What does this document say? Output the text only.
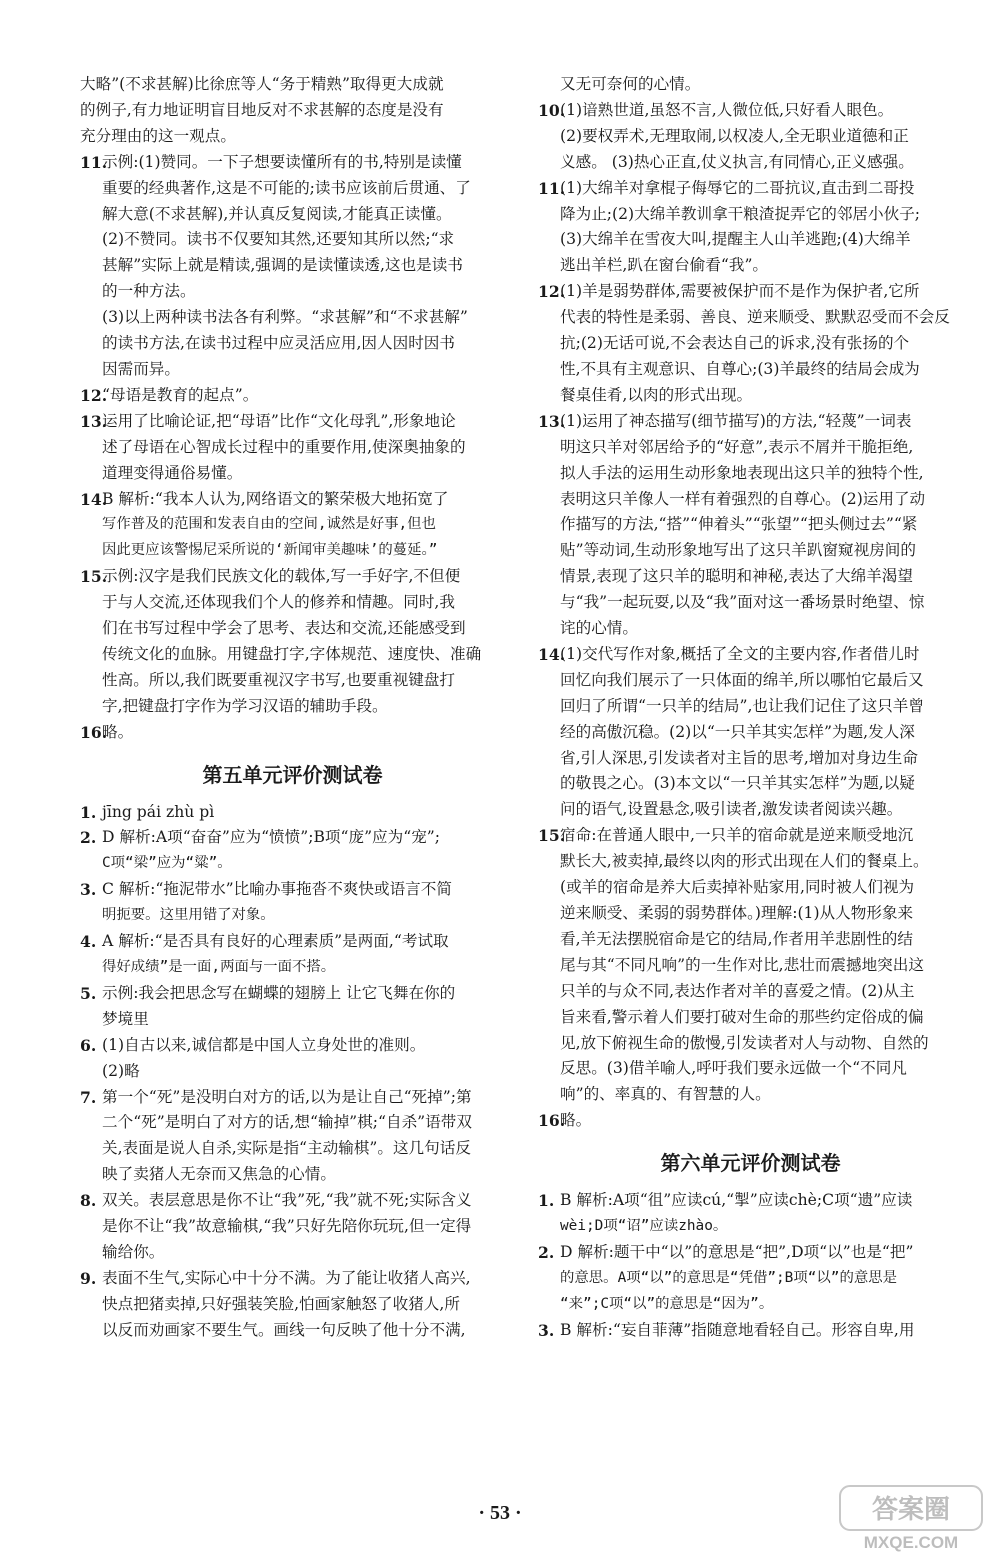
大略”(不求甚解)比徐庶等人“务于精熟”取得更大成就
的例子,有力地证明盲目地反对不求甚解的态度是没有
充分理由的这一观点。
11.
示例:(1)赞同。一下子想要读懂所有的书,特别是读懂
重要的经典著作,这是不可能的;读书应该前后贯通、了
解大意(不求甚解),并认真反复阅读,才能真正读懂。
(2)不赞同。读书不仅要知其然,还要知其所以然;“求
甚解”实际上就是精读,强调的是读懂读透,这也是读书
的一种方法。
(3)以上两种读书法各有利弊。“求甚解”和“不求甚解”
的读书方法,在读书过程中应灵活应用,因人因时因书
因需而异。
12.
“母语是教育的起点”。
13.
运用了比喻论证,把“母语”比作“文化母乳”,形象地论
述了母语在心智成长过程中的重要作用,使深奥抽象的
道理变得通俗易懂。
14.
B 解析:“我本人认为,网络语文的繁荣极大地拓宽了
写作普及的范围和发表自由的空间,诚然是好事,但也
因此更应该警惕尼采所说的‘新闻审美趣味’的蔓延。”
15.
示例:汉字是我们民族文化的载体,写一手好字,不但便
于与人交流,还体现我们个人的修养和情趣。同时,我
们在书写过程中学会了思考、表达和交流,还能感受到
传统文化的血脉。用键盘打字,字体规范、速度快、准确
性高。所以,我们既要重视汉字书写,也要重视键盘打
字,把键盘打字作为学习汉语的辅助手段。
16.
略。
第五单元评价测试卷
1. jīng pái zhù pì
2. D 解析:A项“奋奋”应为“愤愤”;B项“庞”应为“宠”;
C项“梁”应为“粱”。
3. C 解析:“拖泥带水”比喻办事拖沓不爽快或语言不简
明扼要。这里用错了对象。
4. A 解析:“是否具有良好的心理素质”是两面,“考试取
得好成绩”是一面,两面与一面不搭。
5. 示例:我会把思念写在蝴蝶的翅膀上 让它飞舞在你的
梦境里
6. (1)自古以来,诚信都是中国人立身处世的准则。
(2)略
7. 第一个“死”是没明白对方的话,以为是让自己“死掉”;第
二个“死”是明白了对方的话,想“输掉”棋;“自杀”语带双
关,表面是说人自杀,实际是指“主动输棋”。这几句话反
映了卖猪人无奈而又焦急的心情。
8. 双关。表层意思是你不让“我”死,“我”就不死;实际含义
是你不让“我”故意输棋,“我”只好先陪你玩玩,但一定得
输给你。
9. 表面不生气,实际心中十分不满。为了能让收猪人高兴,
快点把猪卖掉,只好强装笑脸,怕画家触怒了收猪人,所
以反而劝画家不要生气。画线一句反映了他十分不满,
又无可奈何的心情。
10.
(1)谙熟世道,虽怒不言,人微位低,只好看人眼色。
(2)要权弄术,无理取闹,以权凌人,全无职业道德和正
义感。 (3)热心正直,仗义执言,有同情心,正义感强。
11.
(1)大绵羊对拿棍子侮辱它的二哥抗议,直击到二哥投
降为止;(2)大绵羊教训拿干粮渣捉弄它的邻居小伙子;
(3)大绵羊在雪夜大叫,提醒主人山羊逃跑;(4)大绵羊
逃出羊栏,趴在窗台偷看“我”。
12.
(1)羊是弱势群体,需要被保护而不是作为保护者,它所
代表的特性是柔弱、善良、逆来顺受、默默忍受而不会反
抗;(2)无话可说,不会表达自己的诉求,没有张扬的个
性,不具有主观意识、自尊心;(3)羊最终的结局会成为
餐桌佳肴,以肉的形式出现。
13.
(1)运用了神态描写(细节描写)的方法,“轻蔑”一词表
明这只羊对邻居给予的“好意”,表示不屑并干脆拒绝,
拟人手法的运用生动形象地表现出这只羊的独特个性,
表明这只羊像人一样有着强烈的自尊心。(2)运用了动
作描写的方法,“搭”“伸着头”“张望”“把头侧过去”“紧
贴”等动词,生动形象地写出了这只羊趴窗窥视房间的
情景,表现了这只羊的聪明和神秘,表达了大绵羊渴望
与“我”一起玩耍,以及“我”面对这一番场景时绝望、惊
诧的心情。
14.
(1)交代写作对象,概括了全文的主要内容,作者借儿时
回忆向我们展示了一只体面的绵羊,所以哪怕它最后又
回归了所谓“一只羊的结局”,也让我们记住了这只羊曾
经的高傲沉稳。(2)以“一只羊其实怎样”为题,发人深
省,引人深思,引发读者对主旨的思考,增加对身边生命
的敬畏之心。(3)本文以“一只羊其实怎样”为题,以疑
问的语气,设置悬念,吸引读者,激发读者阅读兴趣。
15.
宿命:在普通人眼中,一只羊的宿命就是逆来顺受地沉
默长大,被卖掉,最终以肉的形式出现在人们的餐桌上。
(或羊的宿命是养大后卖掉补贴家用,同时被人们视为
逆来顺受、柔弱的弱势群体。)理解:(1)从人物形象来
看,羊无法摆脱宿命是它的结局,作者用羊悲剧性的结
尾与其“不同凡响”的一生作对比,悲壮而震撼地突出这
只羊的与众不同,表达作者对羊的喜爱之情。(2)从主
旨来看,警示着人们要打破对生命的那些约定俗成的偏
见,放下俯视生命的傲慢,引发读者对人与动物、自然的
反思。(3)借羊喻人,呼吁我们要永远做一个“不同凡
响”的、率真的、有智慧的人。
16.
略。
第六单元评价测试卷
1. B 解析:A项“徂”应读cú,“掣”应读chè;C项“遗”应读
wèi;D项“诏”应读zhào。
2. D 解析:题干中“以”的意思是“把”,D项“以”也是“把”
的意思。A项“以”的意思是“凭借”;B项“以”的意思是
“来”;C项“以”的意思是“因为”。
3. B 解析:“妄自菲薄”指随意地看轻自己。形容自卑,用
· 53 ·	答案圈
MXQE.COM
